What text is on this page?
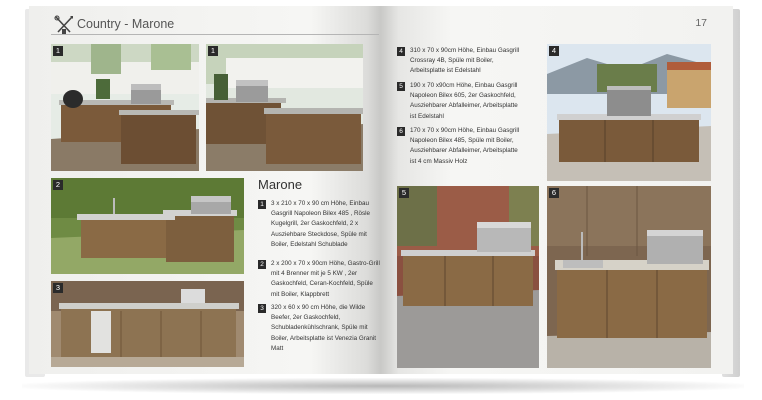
Country - Marone
1	1
2
3
Marone
1	3 x 210 x 70 x 90 cm Höhe, Einbau Gasgrill Napoleon Bilex 485 , Rösle Kugelgrill, 2er Gaskochfeld, 2 x Ausziehbare Steckdose, Spüle mit Boiler, Edelstahl Schublade
2	2 x 200 x 70 x 90cm Höhe, Gastro-Grill mit 4 Brenner mit je 5 KW , 2er Gaskochfeld, Ceran-Kochfeld, Spüle mit Boiler, Klappbrett
3	320 x 60 x 90 cm Höhe, die Wilde Beefer, 2er Gaskochfeld, Schubladenkühlschrank, Spüle mit Boiler, Arbeitsplatte ist Venezia Granit Matt
17
4	310 x 70 x 90cm Höhe, Einbau Gasgrill Crossray 4B, Spüle mit Boiler, Arbeitsplatte ist Edelstahl
5	190 x 70 x90cm Höhe, Einbau Gasgrill Napoleon Bilex 605, 2er Gaskochfeld, Ausziehbarer Abfalleimer, Arbeitsplatte ist Edelstahl
6	170 x 70 x 90cm Höhe, Einbau Gasgrill Napoleon Bilex 485, Spüle mit Boiler, Ausziehbarer Abfalleimer, Arbeitsplatte ist 4 cm Massiv Holz
4
5	6
